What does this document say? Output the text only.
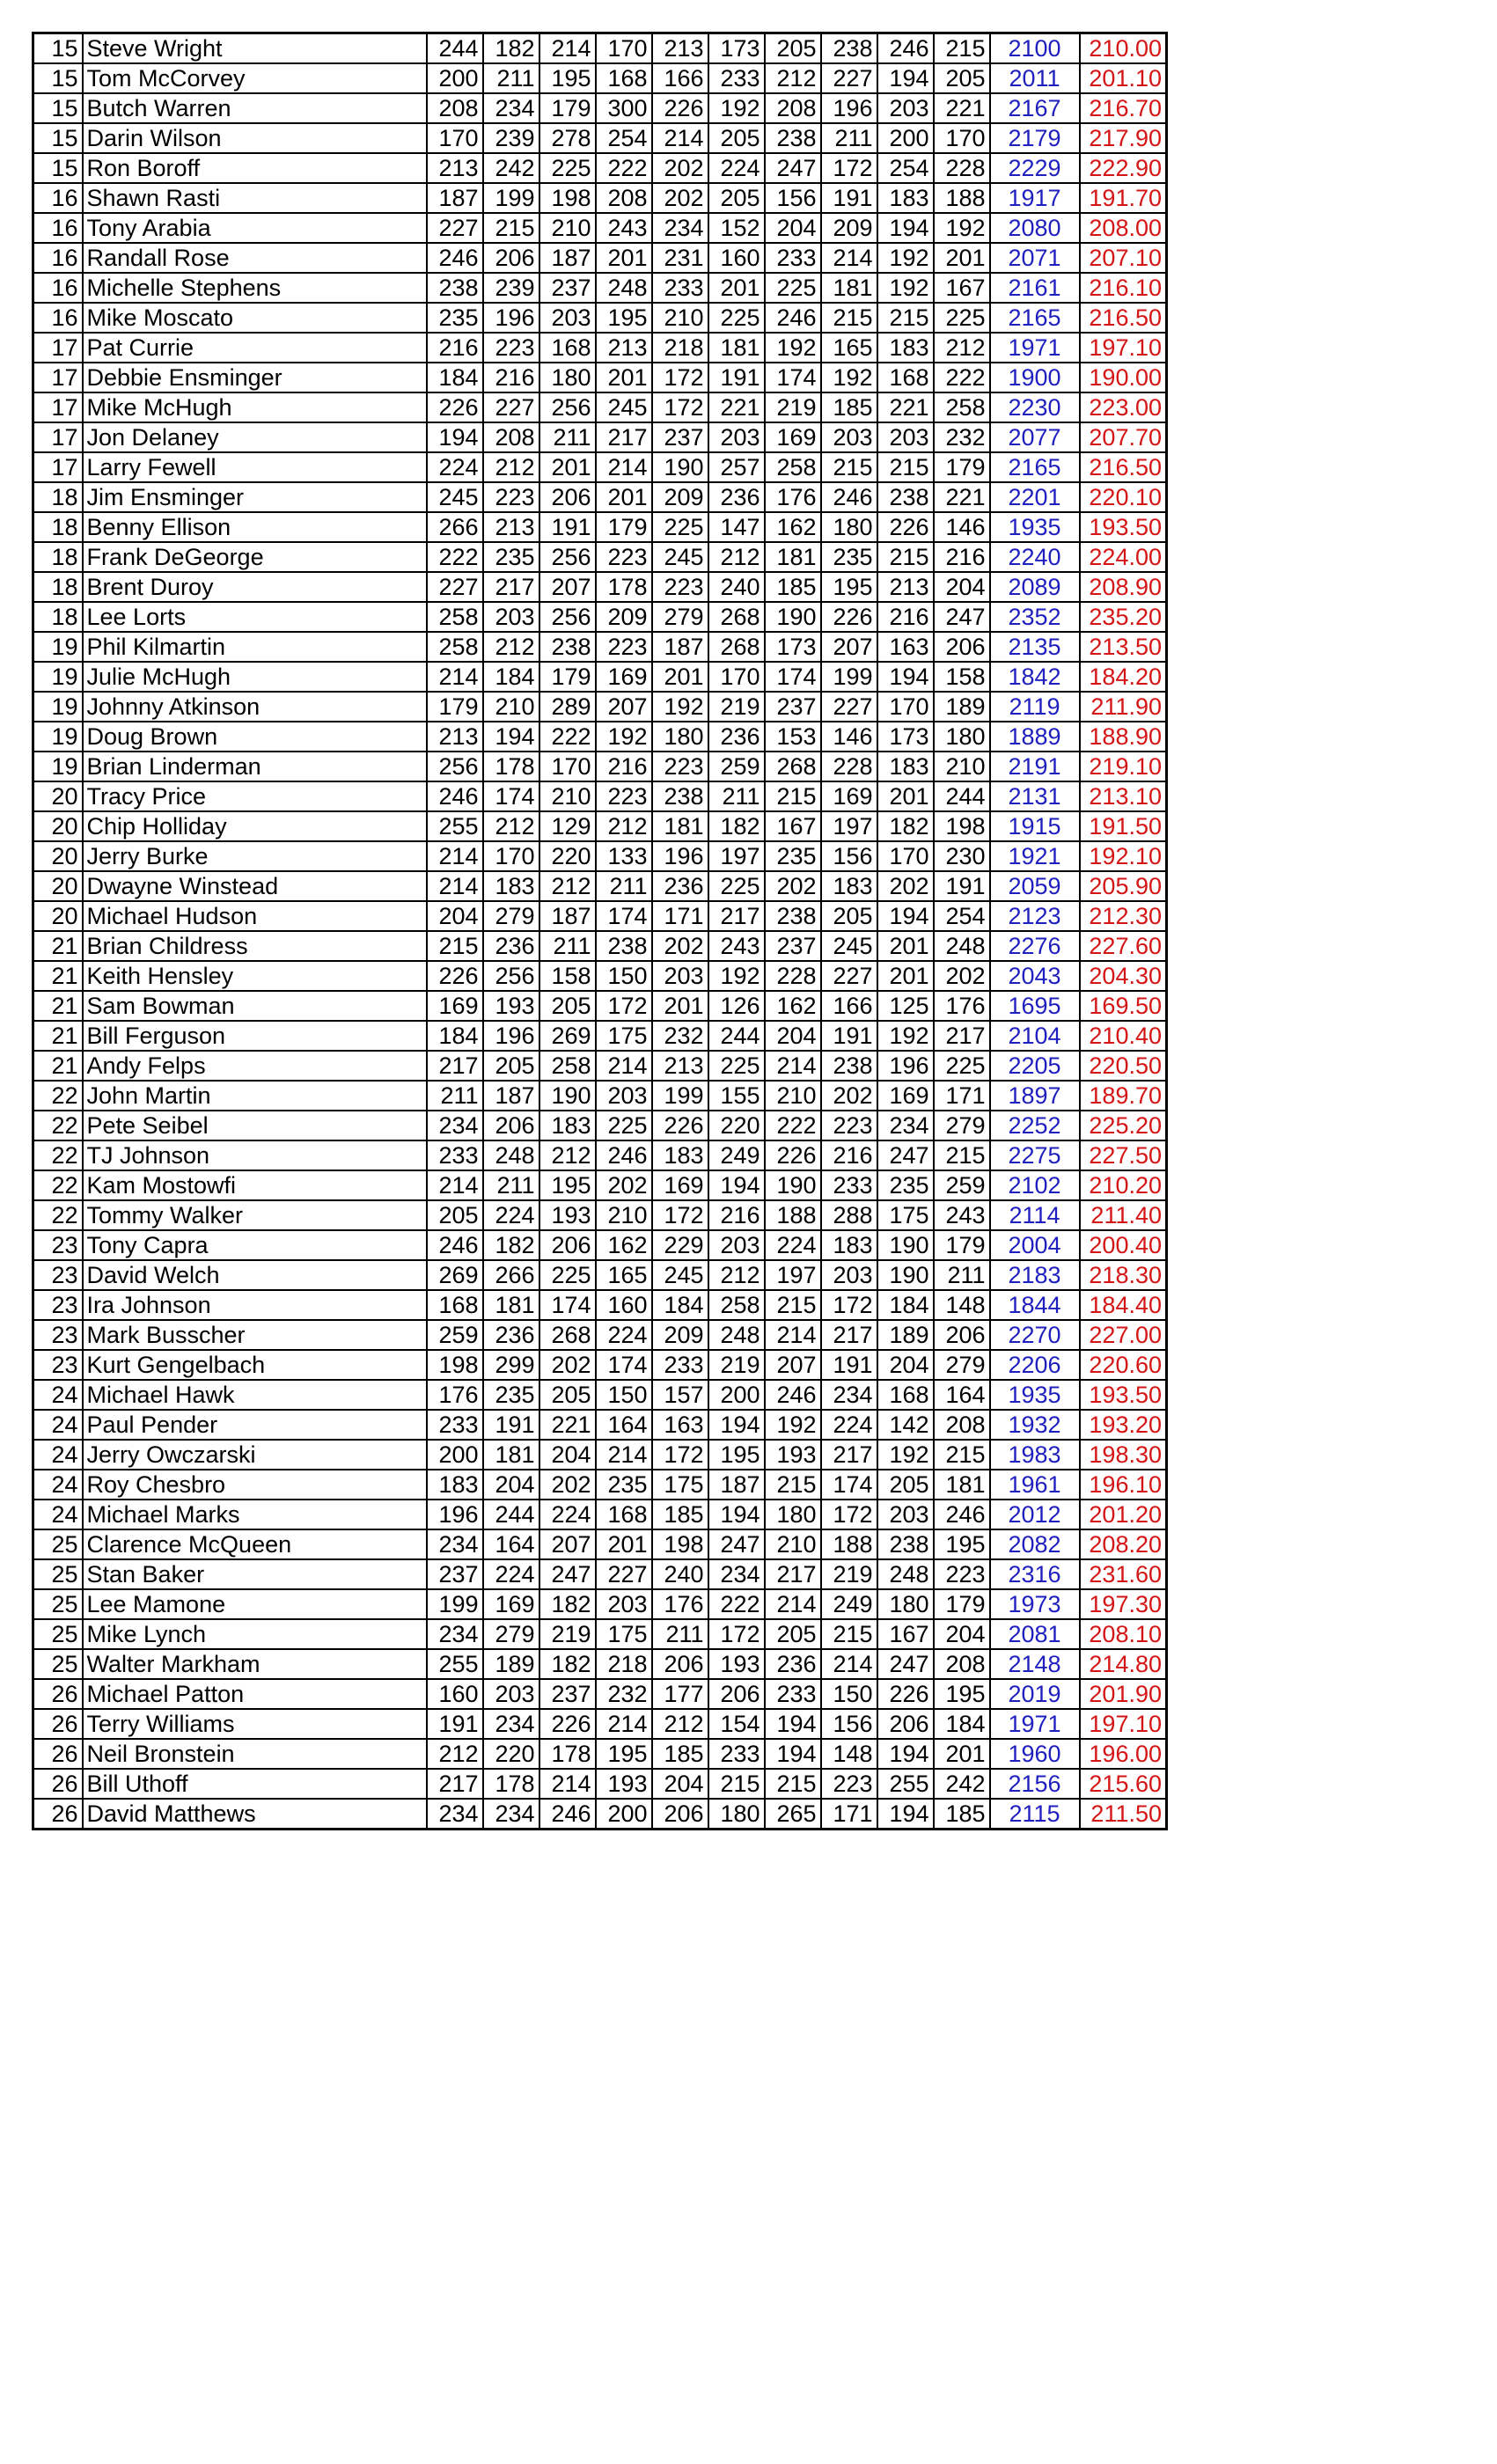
15	Steve Wright	244	182	214	170	213	173	205	238	246	215	2100	210.00
15	Tom McCorvey	200	211	195	168	166	233	212	227	194	205	2011	201.10
15	Butch Warren	208	234	179	300	226	192	208	196	203	221	2167	216.70
15	Darin Wilson	170	239	278	254	214	205	238	211	200	170	2179	217.90
15	Ron Boroff	213	242	225	222	202	224	247	172	254	228	2229	222.90
16	Shawn Rasti	187	199	198	208	202	205	156	191	183	188	1917	191.70
16	Tony Arabia	227	215	210	243	234	152	204	209	194	192	2080	208.00
16	Randall Rose	246	206	187	201	231	160	233	214	192	201	2071	207.10
16	Michelle Stephens	238	239	237	248	233	201	225	181	192	167	2161	216.10
16	Mike Moscato	235	196	203	195	210	225	246	215	215	225	2165	216.50
17	Pat Currie	216	223	168	213	218	181	192	165	183	212	1971	197.10
17	Debbie Ensminger	184	216	180	201	172	191	174	192	168	222	1900	190.00
17	Mike McHugh	226	227	256	245	172	221	219	185	221	258	2230	223.00
17	Jon Delaney	194	208	211	217	237	203	169	203	203	232	2077	207.70
17	Larry Fewell	224	212	201	214	190	257	258	215	215	179	2165	216.50
18	Jim Ensminger	245	223	206	201	209	236	176	246	238	221	2201	220.10
18	Benny Ellison	266	213	191	179	225	147	162	180	226	146	1935	193.50
18	Frank DeGeorge	222	235	256	223	245	212	181	235	215	216	2240	224.00
18	Brent Duroy	227	217	207	178	223	240	185	195	213	204	2089	208.90
18	Lee Lorts	258	203	256	209	279	268	190	226	216	247	2352	235.20
19	Phil Kilmartin	258	212	238	223	187	268	173	207	163	206	2135	213.50
19	Julie McHugh	214	184	179	169	201	170	174	199	194	158	1842	184.20
19	Johnny Atkinson	179	210	289	207	192	219	237	227	170	189	2119	211.90
19	Doug Brown	213	194	222	192	180	236	153	146	173	180	1889	188.90
19	Brian Linderman	256	178	170	216	223	259	268	228	183	210	2191	219.10
20	Tracy Price	246	174	210	223	238	211	215	169	201	244	2131	213.10
20	Chip Holliday	255	212	129	212	181	182	167	197	182	198	1915	191.50
20	Jerry Burke	214	170	220	133	196	197	235	156	170	230	1921	192.10
20	Dwayne Winstead	214	183	212	211	236	225	202	183	202	191	2059	205.90
20	Michael Hudson	204	279	187	174	171	217	238	205	194	254	2123	212.30
21	Brian Childress	215	236	211	238	202	243	237	245	201	248	2276	227.60
21	Keith Hensley	226	256	158	150	203	192	228	227	201	202	2043	204.30
21	Sam Bowman	169	193	205	172	201	126	162	166	125	176	1695	169.50
21	Bill Ferguson	184	196	269	175	232	244	204	191	192	217	2104	210.40
21	Andy Felps	217	205	258	214	213	225	214	238	196	225	2205	220.50
22	John Martin	211	187	190	203	199	155	210	202	169	171	1897	189.70
22	Pete Seibel	234	206	183	225	226	220	222	223	234	279	2252	225.20
22	TJ Johnson	233	248	212	246	183	249	226	216	247	215	2275	227.50
22	Kam Mostowfi	214	211	195	202	169	194	190	233	235	259	2102	210.20
22	Tommy Walker	205	224	193	210	172	216	188	288	175	243	2114	211.40
23	Tony Capra	246	182	206	162	229	203	224	183	190	179	2004	200.40
23	David Welch	269	266	225	165	245	212	197	203	190	211	2183	218.30
23	Ira Johnson	168	181	174	160	184	258	215	172	184	148	1844	184.40
23	Mark Busscher	259	236	268	224	209	248	214	217	189	206	2270	227.00
23	Kurt Gengelbach	198	299	202	174	233	219	207	191	204	279	2206	220.60
24	Michael Hawk	176	235	205	150	157	200	246	234	168	164	1935	193.50
24	Paul Pender	233	191	221	164	163	194	192	224	142	208	1932	193.20
24	Jerry Owczarski	200	181	204	214	172	195	193	217	192	215	1983	198.30
24	Roy Chesbro	183	204	202	235	175	187	215	174	205	181	1961	196.10
24	Michael Marks	196	244	224	168	185	194	180	172	203	246	2012	201.20
25	Clarence McQueen	234	164	207	201	198	247	210	188	238	195	2082	208.20
25	Stan Baker	237	224	247	227	240	234	217	219	248	223	2316	231.60
25	Lee Mamone	199	169	182	203	176	222	214	249	180	179	1973	197.30
25	Mike Lynch	234	279	219	175	211	172	205	215	167	204	2081	208.10
25	Walter Markham	255	189	182	218	206	193	236	214	247	208	2148	214.80
26	Michael Patton	160	203	237	232	177	206	233	150	226	195	2019	201.90
26	Terry Williams	191	234	226	214	212	154	194	156	206	184	1971	197.10
26	Neil Bronstein	212	220	178	195	185	233	194	148	194	201	1960	196.00
26	Bill Uthoff	217	178	214	193	204	215	215	223	255	242	2156	215.60
26	David Matthews	234	234	246	200	206	180	265	171	194	185	2115	211.50
